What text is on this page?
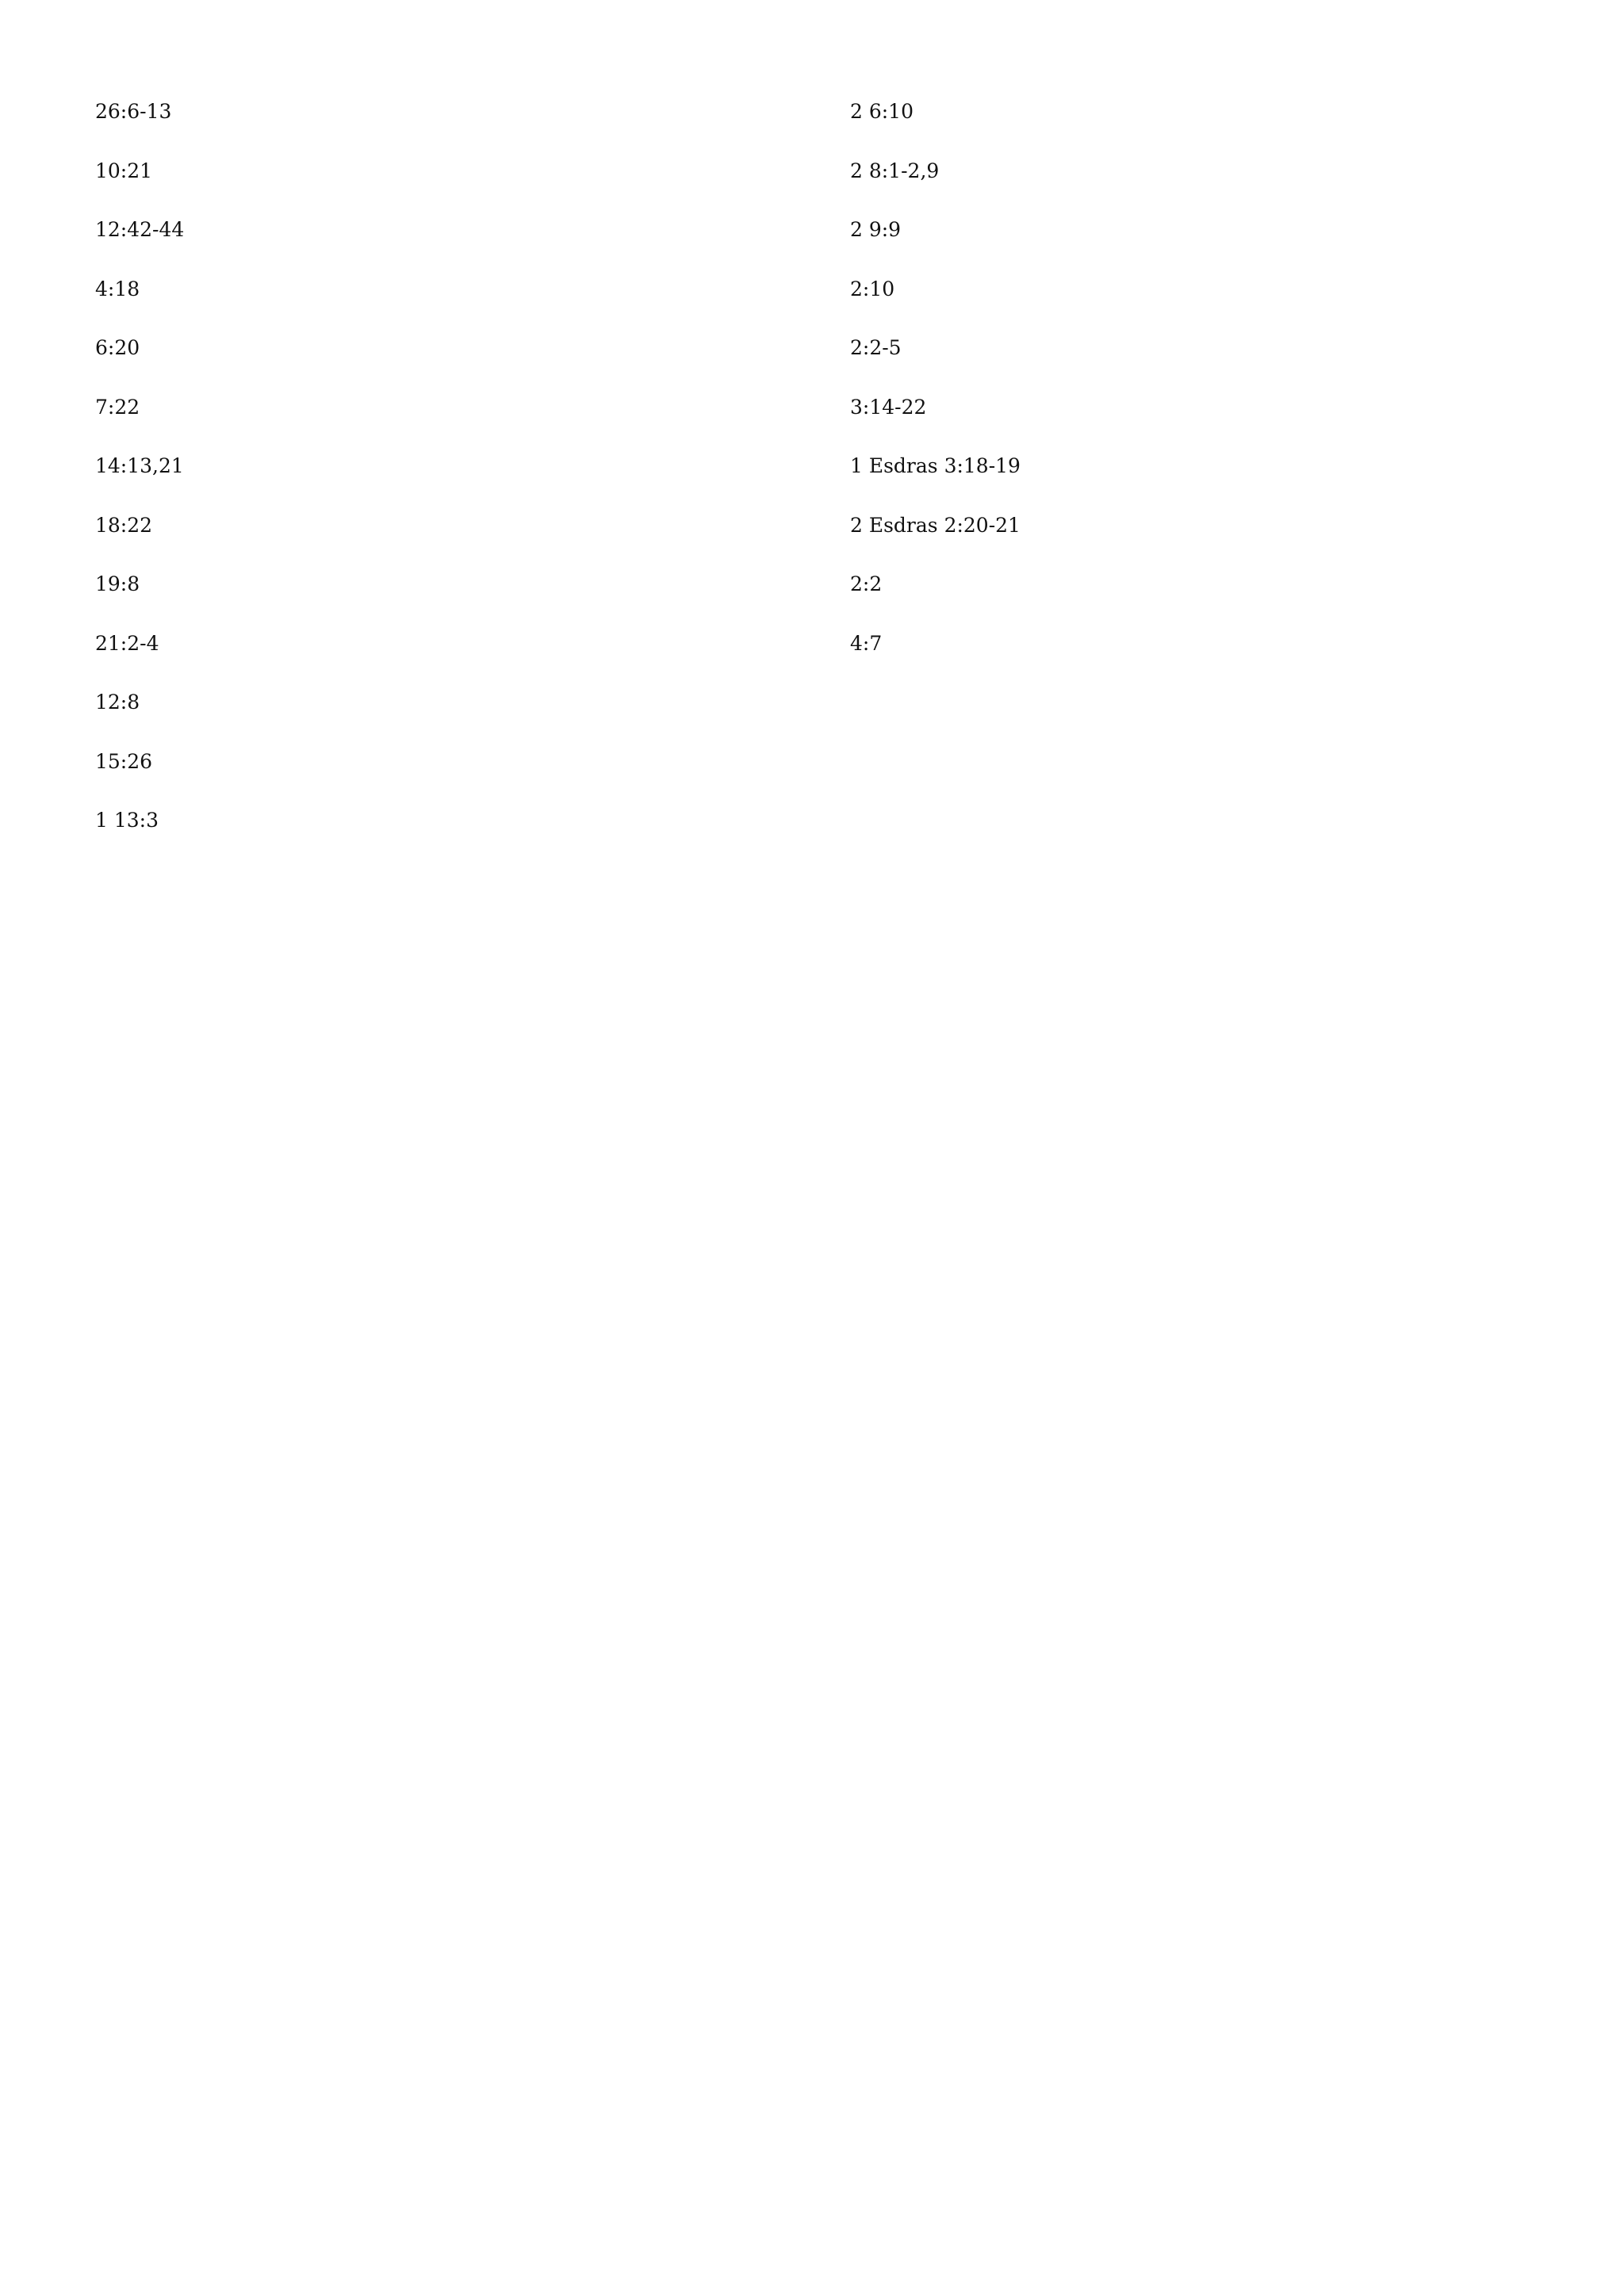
26:6-13

10:21

12:42-44

4:18

6:20

7:22

14:13,21

18:22

19:8

21:2-4

12:8

15:26

1 13:3

2 6:10

2 8:1-2,9

2 9:9

2:10

2:2-5

3:14-22

1 Esdras 3:18-19

2 Esdras 2:20-21

2:2

4:7
